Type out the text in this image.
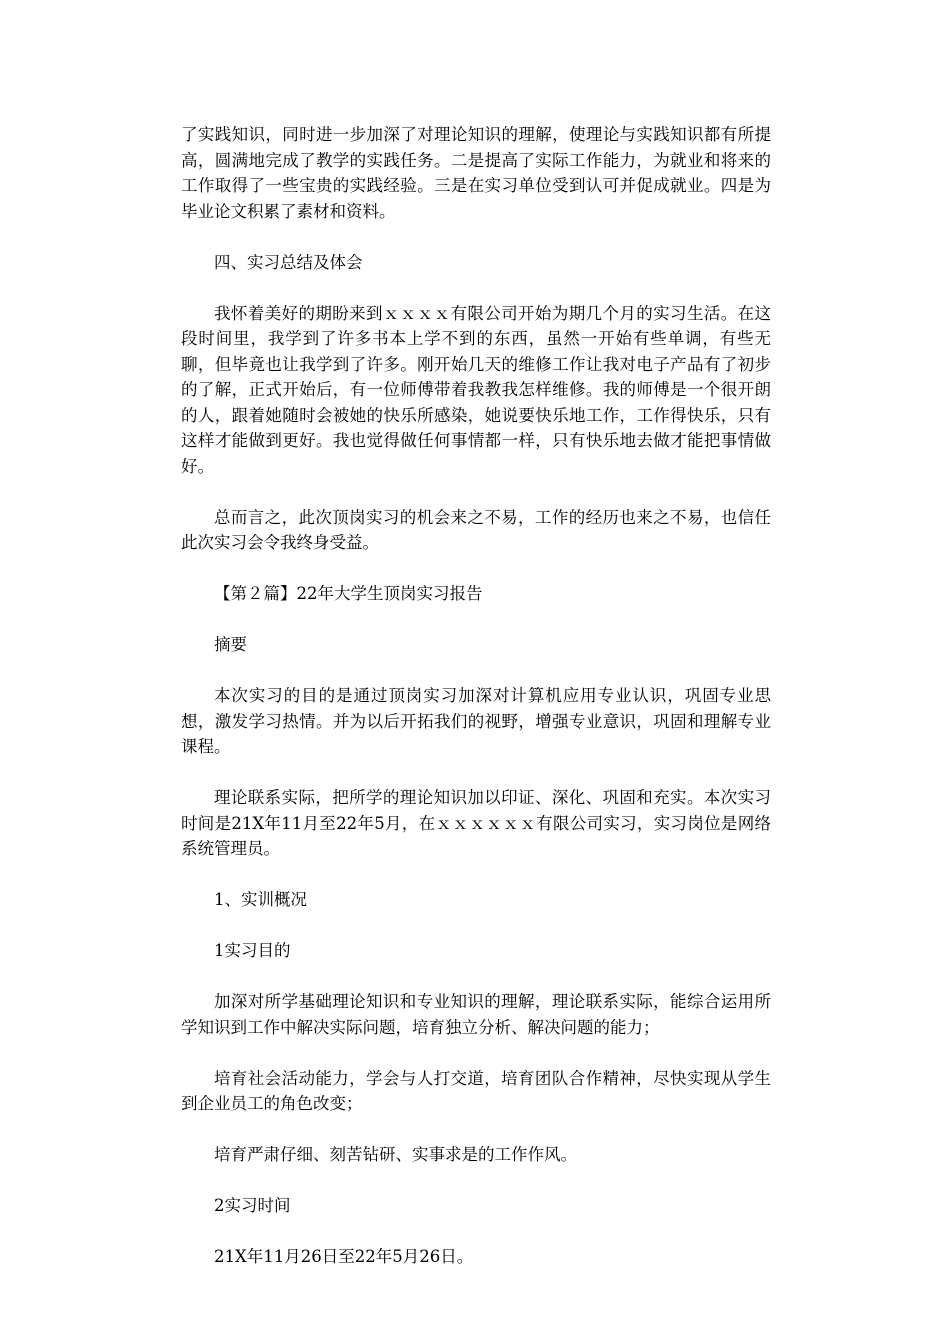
了实践知识，同时进一步加深了对理论知识的理解，使理论与实践知识都有所提高，圆满地完成了教学的实践任务。二是提高了实际工作能力，为就业和将来的工作取得了一些宝贵的实践经验。三是在实习单位受到认可并促成就业。四是为毕业论文积累了素材和资料。

四、实习总结及体会

我怀着美好的期盼来到ｘｘｘｘ有限公司开始为期几个月的实习生活。在这段时间里，我学到了许多书本上学不到的东西，虽然一开始有些单调，有些无聊，但毕竟也让我学到了许多。刚开始几天的维修工作让我对电子产品有了初步的了解，正式开始后，有一位师傅带着我教我怎样维修。我的师傅是一个很开朗的人，跟着她随时会被她的快乐所感染，她说要快乐地工作，工作得快乐，只有这样才能做到更好。我也觉得做任何事情都一样，只有快乐地去做才能把事情做好。

总而言之，此次顶岗实习的机会来之不易，工作的经历也来之不易，也信任此次实习会令我终身受益。

【第２篇】22年大学生顶岗实习报告

摘要

本次实习的目的是通过顶岗实习加深对计算机应用专业认识，巩固专业思想，激发学习热情。并为以后开拓我们的视野，增强专业意识，巩固和理解专业课程。

理论联系实际，把所学的理论知识加以印证、深化、巩固和充实。本次实习时间是21X年11月至22年5月，在ｘｘｘｘｘｘ有限公司实习，实习岗位是网络系统管理员。

1、实训概况

1实习目的

加深对所学基础理论知识和专业知识的理解，理论联系实际，能综合运用所学知识到工作中解决实际问题，培育独立分析、解决问题的能力；

培育社会活动能力，学会与人打交道，培育团队合作精神，尽快实现从学生到企业员工的角色改变；

培育严肃仔细、刻苦钻研、实事求是的工作作风。

2实习时间

21X年11月26日至22年5月26日。
